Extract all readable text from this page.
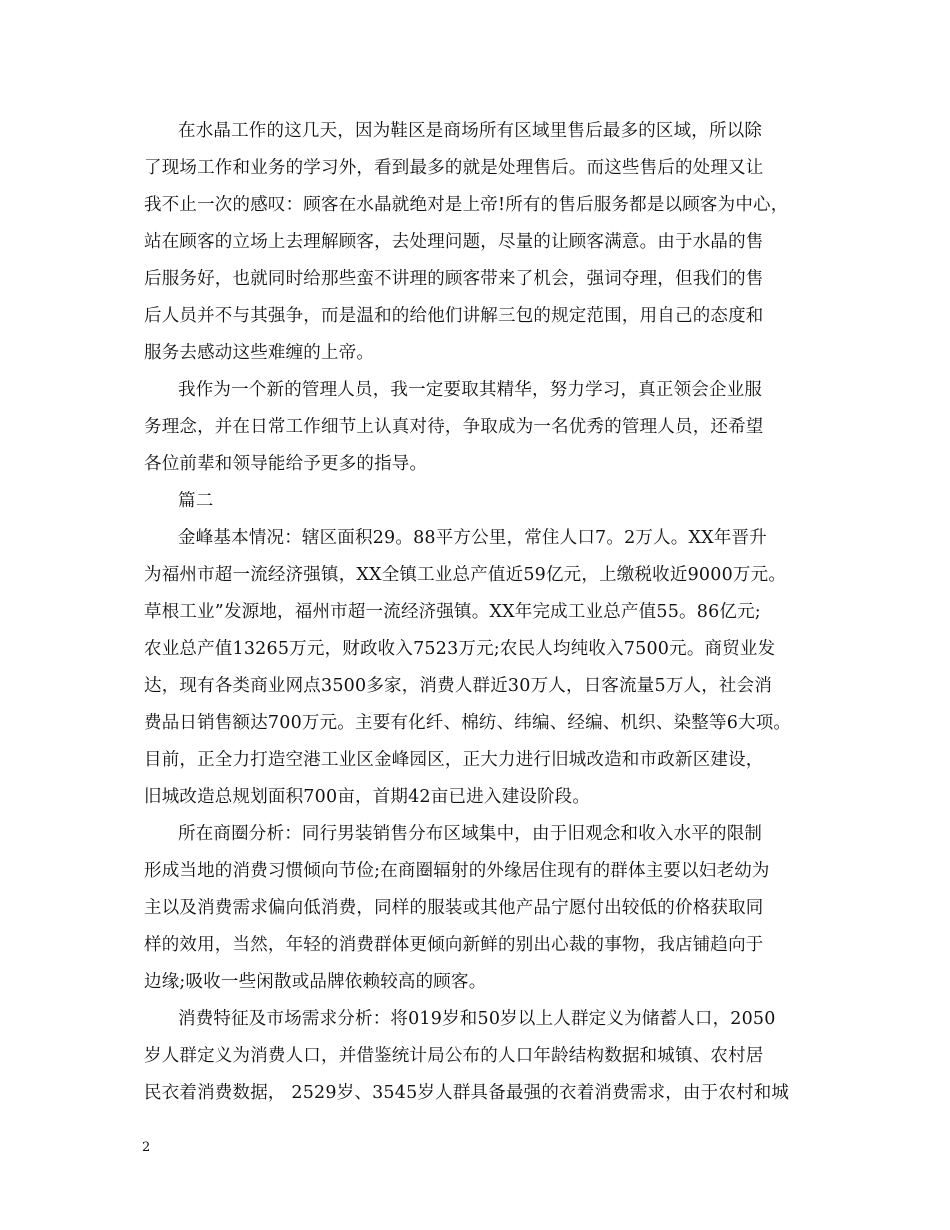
在水晶工作的这几天，因为鞋区是商场所有区域里售后最多的区域，所以除
了现场工作和业务的学习外，看到最多的就是处理售后。而这些售后的处理又让
我不止一次的感叹：顾客在水晶就绝对是上帝!所有的售后服务都是以顾客为中心，
站在顾客的立场上去理解顾客，去处理问题，尽量的让顾客满意。由于水晶的售
后服务好，也就同时给那些蛮不讲理的顾客带来了机会，强词夺理，但我们的售
后人员并不与其强争，而是温和的给他们讲解三包的规定范围，用自己的态度和
服务去感动这些难缠的上帝。
我作为一个新的管理人员，我一定要取其精华，努力学习，真正领会企业服
务理念，并在日常工作细节上认真对待，争取成为一名优秀的管理人员，还希望
各位前辈和领导能给予更多的指导。
篇二
金峰基本情况：辖区面积29。88平方公里，常住人口7。2万人。XX年晋升
为福州市超一流经济强镇，XX全镇工业总产值近59亿元，上缴税收近9000万元。
草根工业”发源地，福州市超一流经济强镇。XX年完成工业总产值55。86亿元;
农业总产值13265万元，财政收入7523万元;农民人均纯收入7500元。商贸业发
达，现有各类商业网点3500多家，消费人群近30万人，日客流量5万人，社会消
费品日销售额达700万元。主要有化纤、棉纺、纬编、经编、机织、染整等6大项。
目前，正全力打造空港工业区金峰园区，正大力进行旧城改造和市政新区建设，
旧城改造总规划面积700亩，首期42亩已进入建设阶段。
所在商圈分析：同行男装销售分布区域集中，由于旧观念和收入水平的限制
形成当地的消费习惯倾向节俭;在商圈辐射的外缘居住现有的群体主要以妇老幼为
主以及消费需求偏向低消费，同样的服装或其他产品宁愿付出较低的价格获取同
样的效用，当然，年轻的消费群体更倾向新鲜的别出心裁的事物，我店铺趋向于
边缘;吸收一些闲散或品牌依赖较高的顾客。
消费特征及市场需求分析：将019岁和50岁以上人群定义为储蓄人口，2050
岁人群定义为消费人口，并借鉴统计局公布的人口年龄结构数据和城镇、农村居
民衣着消费数据， 2529岁、3545岁人群具备最强的衣着消费需求，由于农村和城
2
